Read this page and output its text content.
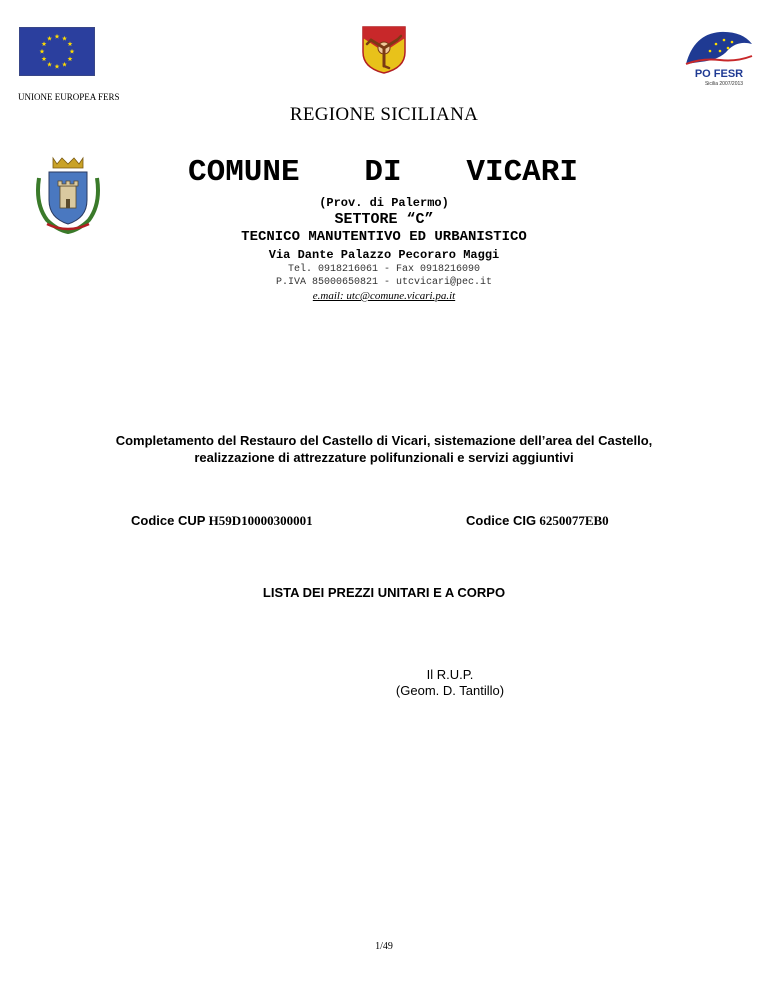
PO FESR
Sicilia 2007/2013
UNIONE EUROPEA FERS
REGIONE SICILIANA
COMUNE DI VICARI
(Prov. di Palermo)
SETTORE “C”
TECNICO MANUTENTIVO ED URBANISTICO
Via Dante Palazzo Pecoraro Maggi
Tel. 0918216061 - Fax 0918216090
P.IVA 85000650821 - utcvicari@pec.it
e.mail: utc@comune.vicari.pa.it
Completamento del Restauro del Castello di Vicari, sistemazione dell’area del Castello,
realizzazione di attrezzature polifunzionali e servizi aggiuntivi
Codice CUP H59D10000300001	Codice CIG 6250077EB0
LISTA DEI PREZZI UNITARI E A CORPO
Il R.U.P.
(Geom. D. Tantillo)
1/49
